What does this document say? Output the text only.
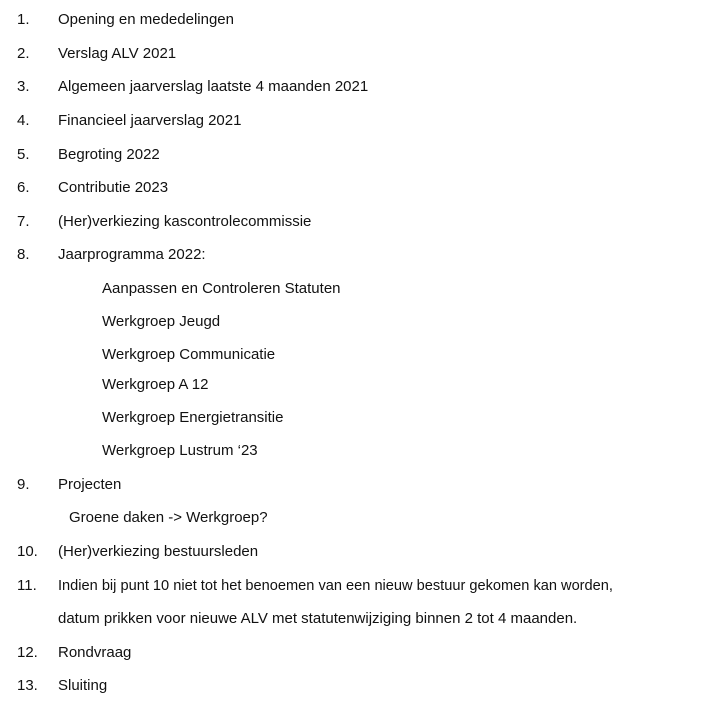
1. Opening en mededelingen
2. Verslag ALV 2021
3. Algemeen jaarverslag laatste 4 maanden 2021
4. Financieel jaarverslag 2021
5. Begroting 2022
6. Contributie 2023
7. (Her)verkiezing kascontrolecommissie
8. Jaarprogramma 2022:
Aanpassen en Controleren Statuten
Werkgroep Jeugd
Werkgroep Communicatie
Werkgroep A 12
Werkgroep Energietransitie
Werkgroep Lustrum ‘23
9. Projecten
Groene daken -> Werkgroep?
10. (Her)verkiezing bestuursleden
11. Indien bij punt 10 niet tot het benoemen van een nieuw bestuur gekomen kan worden,
datum prikken voor nieuwe ALV met statutenwijziging binnen 2 tot 4 maanden.
12. Rondvraag
13. Sluiting
